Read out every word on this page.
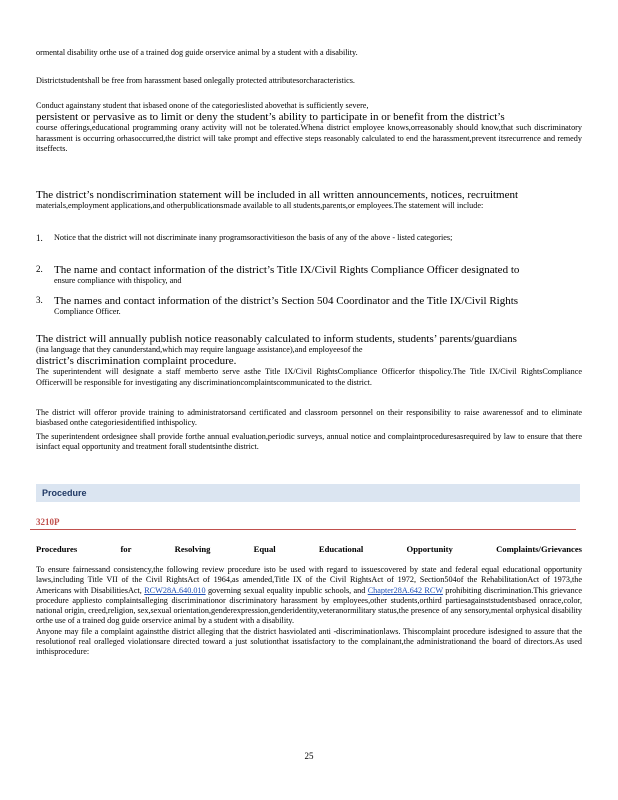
ormental disability orthe use of a trained dog guide orservice animal by a student with a disability.

Districtstudentshall be free from harassment based onlegally protected attributesorcharacteristics.

Conduct againstany student that isbased onone of the categorieslisted abovethat is sufficiently severe,
persistent or pervasive as to limit or deny the student’s ability to participate in or benefit from the district’s
course offerings,educational programming orany activity will not be tolerated.Whena district employee knows,orreasonably should know,that such discriminatory harassment is occurring orhasoccurred,the district will take prompt and effective steps reasonably calculated to end the harassment,prevent itsrecurrence and remedy itseffects.
The district’s nondiscrimination statement will be included in all written announcements, notices, recruitment
materials,employment applications,and otherpublicationsmade available to all students,parents,or employees.The statement will include:
1. Notice that the district will not discriminate inany programsoractivitieson the basis of any of the above - listed categories;
2. The name and contact information of the district’s Title IX/Civil Rights Compliance Officer designated to
ensure compliance with thispolicy, and
3. The names and contact information of the district’s Section 504 Coordinator and the Title IX/Civil Rights
Compliance Officer.
The district will annually publish notice reasonably calculated to inform students, students’ parents/guardians
(ina language that they canunderstand,which may require language assistance),and employeesof the
district’s discrimination complaint procedure.
The superintendent will designate a staff memberto serve asthe Title IX/Civil RightsCompliance Officerfor thispolicy.The Title IX/Civil RightsCompliance Officerwill be responsible for investigating any discriminationcomplaintscommunicated to the district.

The district will offeror provide training to administratorsand certificated and classroom personnel on their responsibility to raise awarenessof and to eliminate biasbased onthe categoriesidentified inthispolicy.

The superintendent ordesignee shall provide forthe annual evaluation,periodic surveys, annual notice and complaintproceduresasrequired by law to ensure that there isinfact equal opportunity and treatment forall studentsinthe district.

Procedure
3210P
Procedures	for	Resolving	Equal	Educational	Opportunity	Complaints/Grievances
To ensure fairnessand consistency,the following review procedure isto be used with regard to issuescovered by state and federal equal educational opportunity laws,including Title VII of the Civil RightsAct of 1964,as amended,Title IX of the Civil RightsAct of 1972, Section504of the RehabilitationAct of 1973,the Americans with DisabilitiesAct, RCW28A.640.010 governing sexual equality inpublic schools, and Chapter28A.642 RCW prohibiting discrimination.This grievance procedure appliesto complaintsalleging discriminationor discriminatory harassment by employees,other students,orthird partiesagainststudentsbased onrace,color, national origin, creed,religion, sex,sexual orientation,genderexpression,genderidentity,veteranormilitary status,the presence of any sensory,mental orphysical disability orthe use of a trained dog guide orservice animal by a student with a disability.
Anyone may file a complaint againstthe district alleging that the district hasviolated anti -discriminationlaws. Thiscomplaint procedure isdesigned to assure that the resolutionof real oralleged violationsare directed toward a just solutionthat issatisfactory to the complainant,the administrationand the board of directors.As used inthisprocedure:
25
